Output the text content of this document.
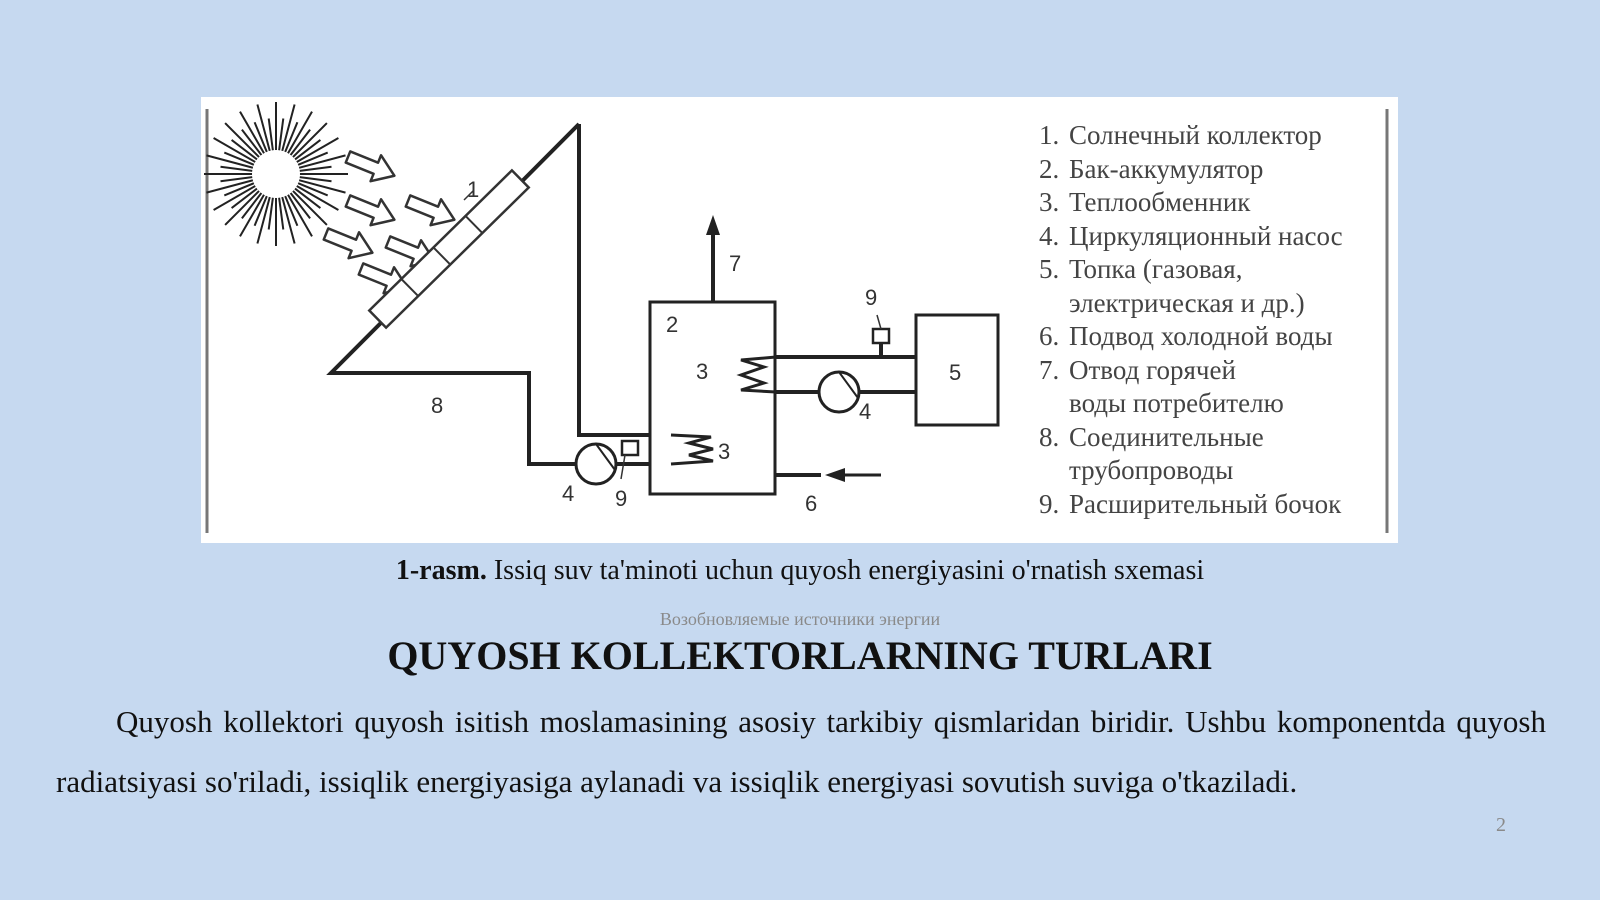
1
2
3
3
4
4
5
6
7
8
9
9
1. Солнечный коллектор
2. Бак-аккумулятор
3. Теплообменник
4. Циркуляционный насос
5. Топка (газовая,
электрическая и др.)
6. Подвод холодной воды
7. Отвод горячей
воды потребителю
8. Соединительные
трубопроводы
9. Расширительный бочок
1-rasm. Issiq suv ta'minoti uchun quyosh energiyasini o'rnatish sxemasi
Возобновляемые источники энергии
QUYOSH KOLLEKTORLARNING TURLARI

Quyosh kollektori quyosh isitish moslamasining asosiy tarkibiy qismlaridan biridir. Ushbu komponentda quyosh radiatsiyasi so'riladi, issiqlik energiyasiga aylanadi va issiqlik energiyasi sovutish suviga o'tkaziladi.

2
